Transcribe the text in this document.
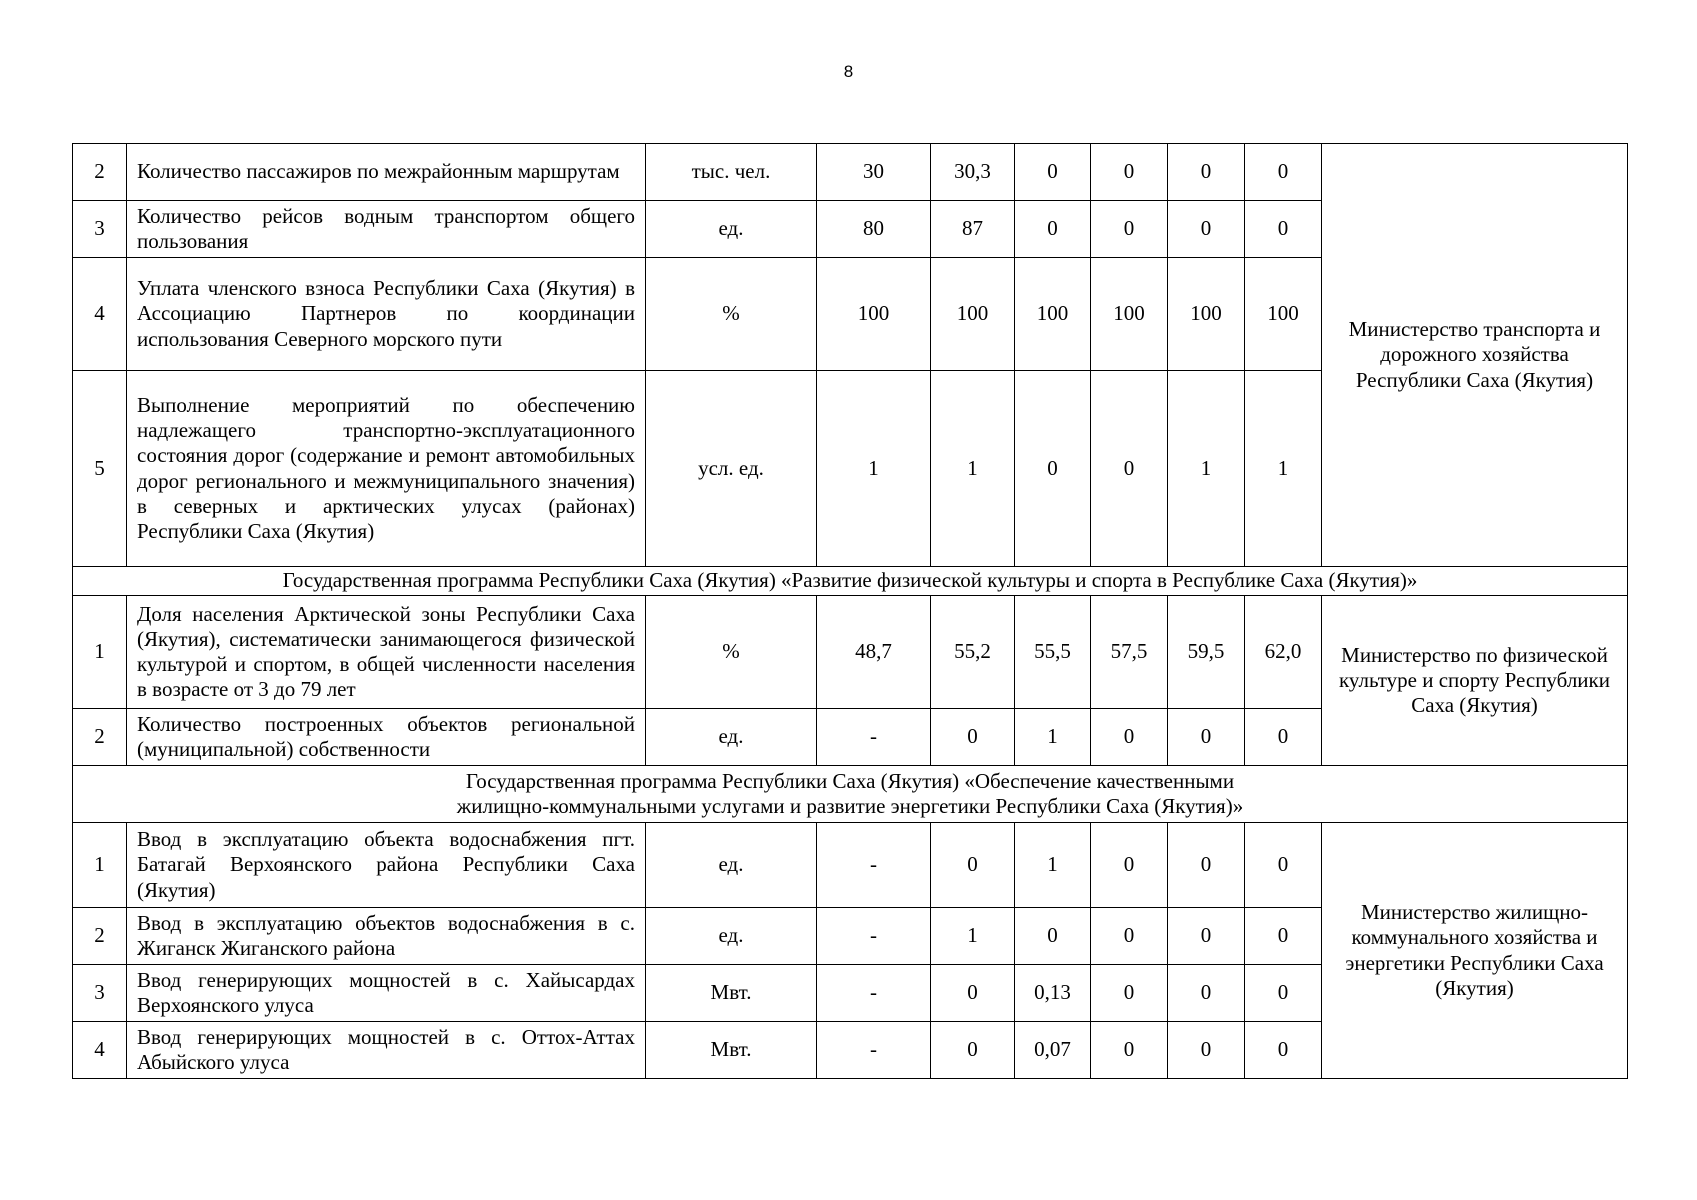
8
2	Количество пассажиров по межрайонным маршрутам	тыс. чел.	30	30,3	0	0	0	0	Министерство транспорта и дорожного хозяйства Республики Саха (Якутия)
3	Количество рейсов водным транспортом общего пользования	ед.	80	87	0	0	0	0	
4	Уплата членского взноса Республики Саха (Якутия) в Ассоциацию Партнеров по координации использования Северного морского пути	%	100	100	100	100	100	100	
5	Выполнение мероприятий по обеспечению надлежащего транспортно-эксплуатационного состояния дорог (содержание и ремонт автомобильных дорог регионального и межмуниципального значения) в северных и арктических улусах (районах) Республики Саха (Якутия)	усл. ед.	1	1	0	0	1	1	
Государственная программа Республики Саха (Якутия) «Развитие физической культуры и спорта в Республике Саха (Якутия)»									
1	Доля населения Арктической зоны Республики Саха (Якутия), систематически занимающегося физической культурой и спортом, в общей численности населения в возрасте от 3 до 79 лет	%	48,7	55,2	55,5	57,5	59,5	62,0	Министерство по физической культуре и спорту Республики Саха (Якутия)
2	Количество построенных объектов региональной (муниципальной) собственности	ед.	-	0	1	0	0	0	

Государственная программа Республики Саха (Якутия) «Обеспечение качественными
жилищно-коммунальными услугами и развитие энергетики Республики Саха (Якутия)»									

1	Ввод в эксплуатацию объекта водоснабжения пгт. Батагай Верхоянского района Республики Саха (Якутия)	ед.	-	0	1	0	0	0	Министерство жилищно-коммунального хозяйства и энергетики Республики Саха (Якутия)
2	Ввод в эксплуатацию объектов водоснабжения в с. Жиганск Жиганского района	ед.	-	1	0	0	0	0	
3	Ввод генерирующих мощностей в с. Хайысардах Верхоянского улуса	Мвт.	-	0	0,13	0	0	0	
4	Ввод генерирующих мощностей в с. Оттох-Аттах Абыйского улуса	Мвт.	-	0	0,07	0	0	0	
